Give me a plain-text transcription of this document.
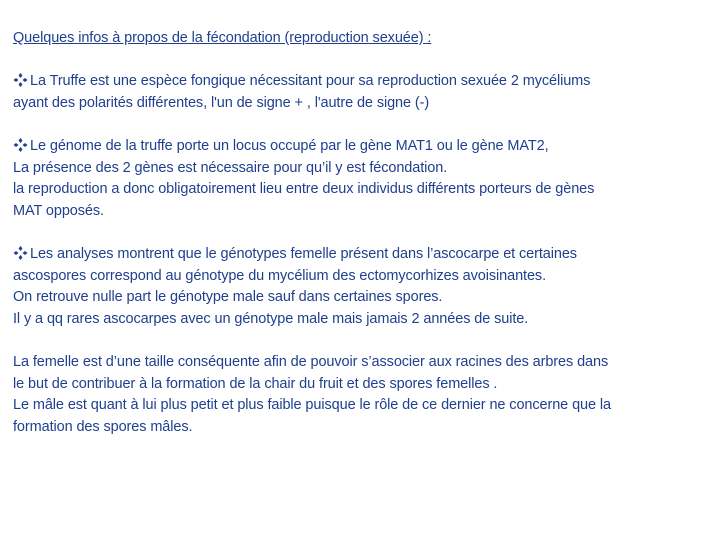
Quelques infos à propos de la fécondation (reproduction sexuée) :
La Truffe est une espèce fongique nécessitant pour sa reproduction sexuée 2 mycéliums
ayant des polarités différentes, l'un de signe + , l'autre de signe (-)
Le génome de la truffe porte un locus occupé par le gène MAT1 ou le gène MAT2,
La présence des 2 gènes est nécessaire pour qu’il y est fécondation.
la reproduction a donc obligatoirement lieu entre deux individus différents porteurs de gènes
MAT opposés.
Les analyses montrent que le génotypes femelle présent dans l’ascocarpe et certaines
ascospores correspond au génotype du mycélium des ectomycorhizes avoisinantes.
On retrouve nulle part le génotype male sauf dans certaines spores.
Il y a qq rares ascocarpes avec un génotype male mais jamais 2 années de suite.
La femelle est d’une taille conséquente afin de pouvoir s’associer aux racines des arbres dans
le but de contribuer à la formation de la chair du fruit et des spores femelles .
Le mâle est quant à lui plus petit et plus faible puisque le rôle de ce dernier ne concerne que la
formation des spores mâles.
